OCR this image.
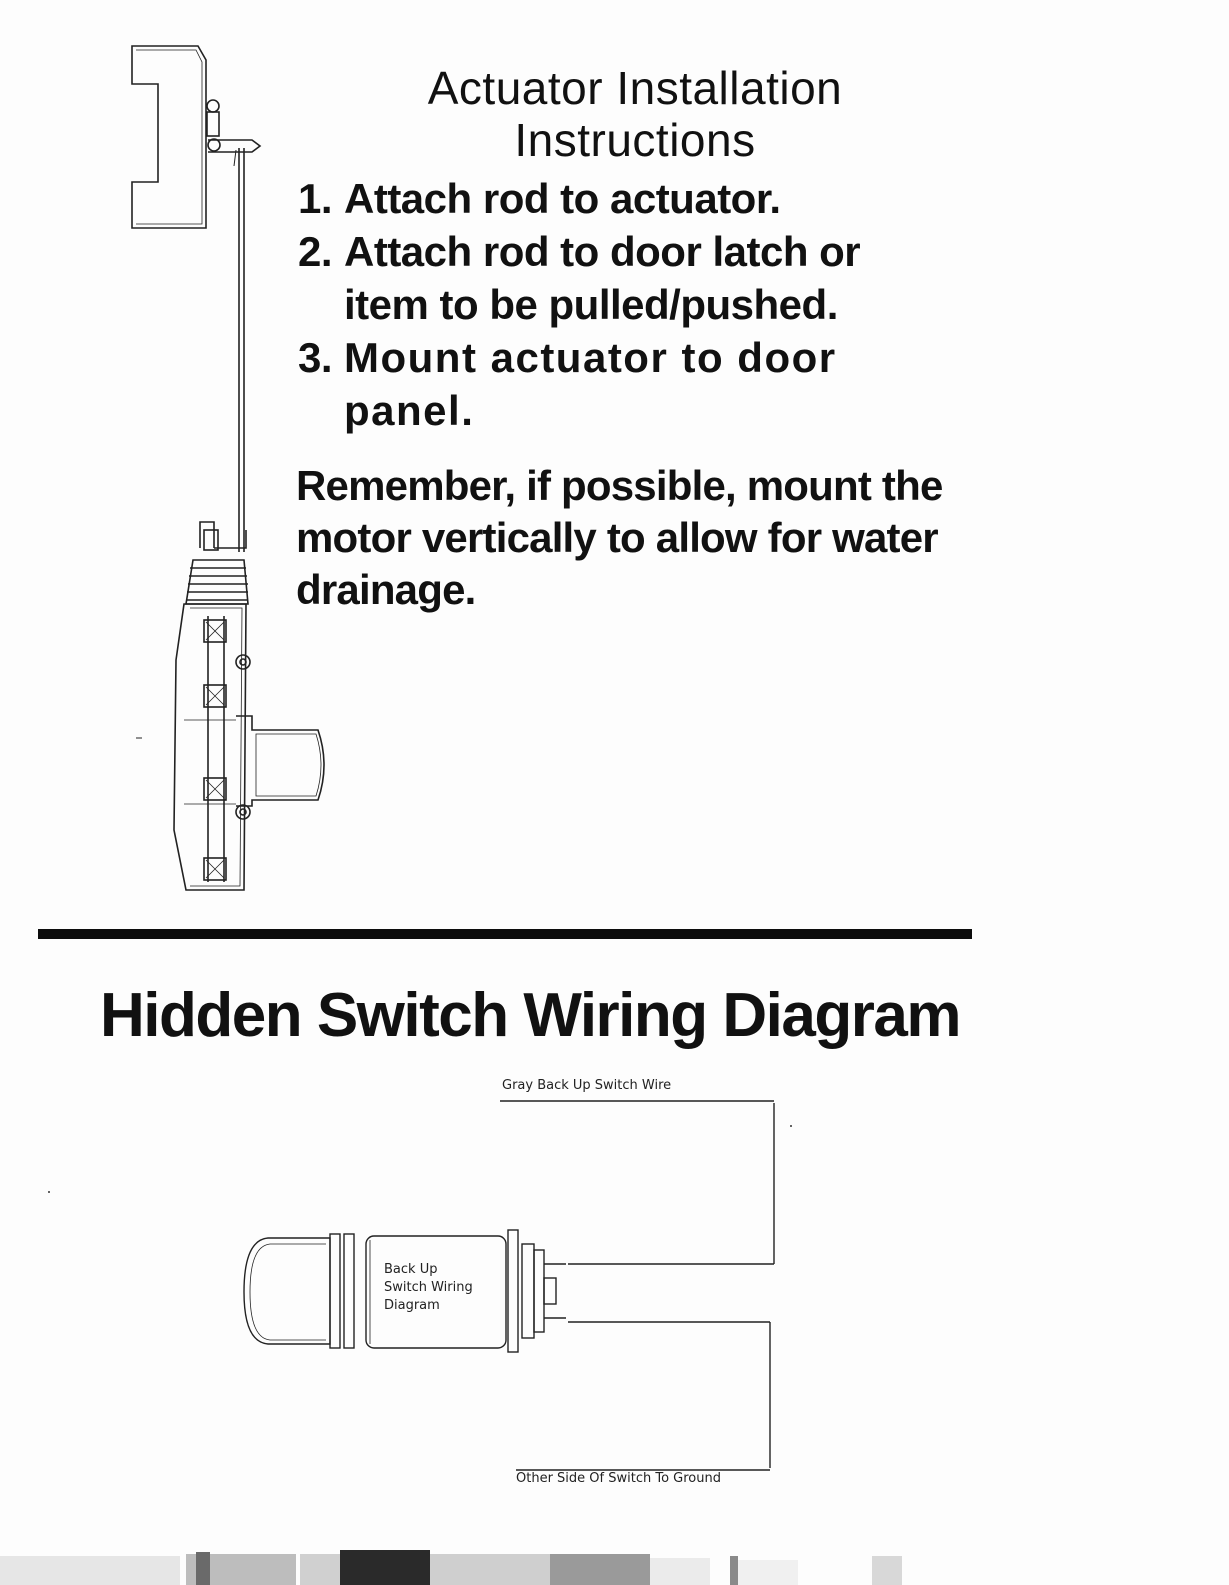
Actuator Installation
Instructions
1. Attach rod to actuator.
2. Attach rod to door latch or item to be pulled/pushed.
3. Mount actuator to door panel.
Remember, if possible, mount the motor vertically to allow for water drainage.
Hidden Switch Wiring Diagram
Gray Back Up Switch Wire
Other Side Of Switch To Ground
Back Up
Switch Wiring
Diagram
